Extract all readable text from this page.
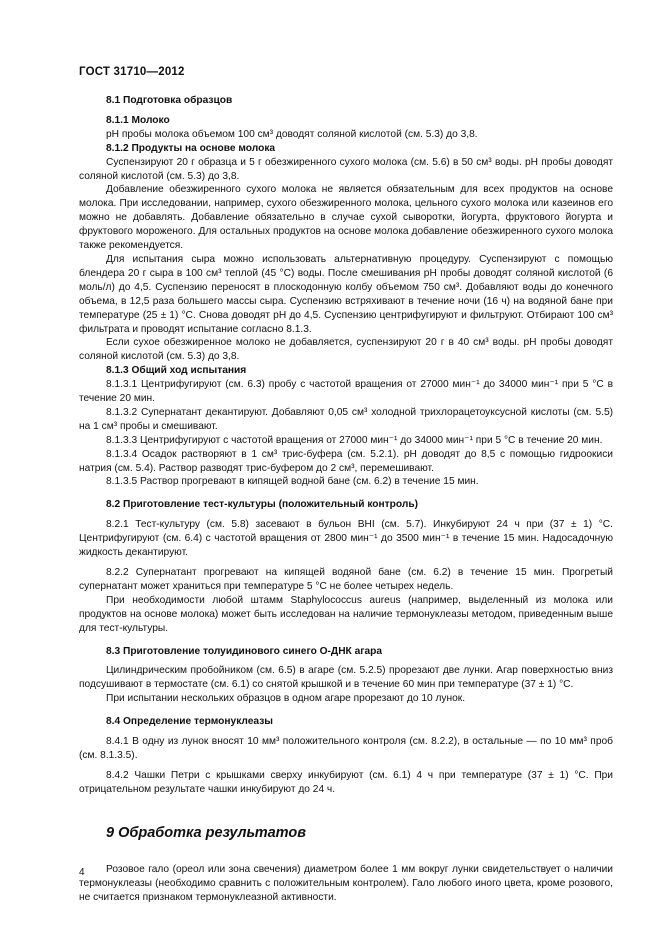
ГОСТ 31710—2012

8.1 Подготовка образцов

8.1.1 Молоко

рН пробы молока объемом 100 см³ доводят соляной кислотой (см. 5.3) до 3,8.

8.1.2 Продукты на основе молока

Суспензируют 20 г образца и 5 г обезжиренного сухого молока (см. 5.6) в 50 см³ воды. рН пробы доводят соляной кислотой (см. 5.3) до 3,8.

Добавление обезжиренного сухого молока не является обязательным для всех продуктов на основе молока. При исследовании, например, сухого обезжиренного молока, цельного сухого молока или казеинов его можно не добавлять. Добавление обязательно в случае сухой сыворотки, йогурта, фруктового йогурта и фруктового мороженого. Для остальных продуктов на основе молока добавление обезжиренного сухого молока также рекомендуется.

Для испытания сыра можно использовать альтернативную процедуру. Суспензируют с помощью блендера 20 г сыра в 100 см³ теплой (45 °С) воды. После смешивания рН пробы доводят соляной кислотой (6 моль/л) до 4,5. Суспензию переносят в плоскодонную колбу объемом 750 см³. Добавляют воды до конечного объема, в 12,5 раза большего массы сыра. Суспензию встряхивают в течение ночи (16 ч) на водяной бане при температуре (25 ± 1) °С. Снова доводят рН до 4,5. Суспензию центрифугируют и фильтруют. Отбирают 100 см³ фильтрата и проводят испытание согласно 8.1.3.

Если сухое обезжиренное молоко не добавляется, суспензируют 20 г в 40 см³ воды. рН пробы доводят соляной кислотой (см. 5.3) до 3,8.

8.1.3 Общий ход испытания

8.1.3.1 Центрифугируют (см. 6.3) пробу с частотой вращения от 27000 мин⁻¹ до 34000 мин⁻¹ при 5 °С в течение 20 мин.

8.1.3.2 Супернатант декантируют. Добавляют 0,05 см³ холодной трихлорацетоуксусной кислоты (см. 5.5) на 1 см³ пробы и смешивают.

8.1.3.3 Центрифугируют с частотой вращения от 27000 мин⁻¹ до 34000 мин⁻¹ при 5 °С в течение 20 мин.

8.1.3.4 Осадок растворяют в 1 см³ трис-буфера (см. 5.2.1). рН доводят до 8,5 с помощью гидроокиси натрия (см. 5.4). Раствор разводят трис-буфером до 2 см³, перемешивают.

8.1.3.5 Раствор прогревают в кипящей водной бане (см. 6.2) в течение 15 мин.

8.2 Приготовление тест-культуры (положительный контроль)

8.2.1 Тест-культуру (см. 5.8) засевают в бульон ВНI (см. 5.7). Инкубируют 24 ч при (37 ± 1) °С. Центрифугируют (см. 6.4) с частотой вращения от 2800 мин⁻¹ до 3500 мин⁻¹ в течение 15 мин. Надосадочную жидкость декантируют.

8.2.2 Супернатант прогревают на кипящей водяной бане (см. 6.2) в течение 15 мин. Прогретый супернатант может храниться при температуре 5 °С не более четырех недель.

При необходимости любой штамм Staphylococcus aureus (например, выделенный из молока или продуктов на основе молока) может быть исследован на наличие термонуклеазы методом, приведенным выше для тест-культуры.

8.3 Приготовление толуидинового синего О-ДНК агара

Цилиндрическим пробойником (см. 6.5) в агаре (см. 5.2.5) прорезают две лунки. Агар поверхностью вниз подсушивают в термостате (см. 6.1) со снятой крышкой и в течение 60 мин при температуре (37 ± 1) °С.

При испытании нескольких образцов в одном агаре прорезают до 10 лунок.

8.4 Определение термонуклеазы

8.4.1 В одну из лунок вносят 10 мм³ положительного контроля (см. 8.2.2), в остальные — по 10 мм³ проб (см. 8.1.3.5).

8.4.2 Чашки Петри с крышками сверху инкубируют (см. 6.1) 4 ч при температуре (37 ± 1) °С. При отрицательном результате чашки инкубируют до 24 ч.

9 Обработка результатов

Розовое гало (ореол или зона свечения) диаметром более 1 мм вокруг лунки свидетельствует о наличии термонуклеазы (необходимо сравнить с положительным контролем). Гало любого иного цвета, кроме розового, не считается признаком термонуклеазной активности.

4
